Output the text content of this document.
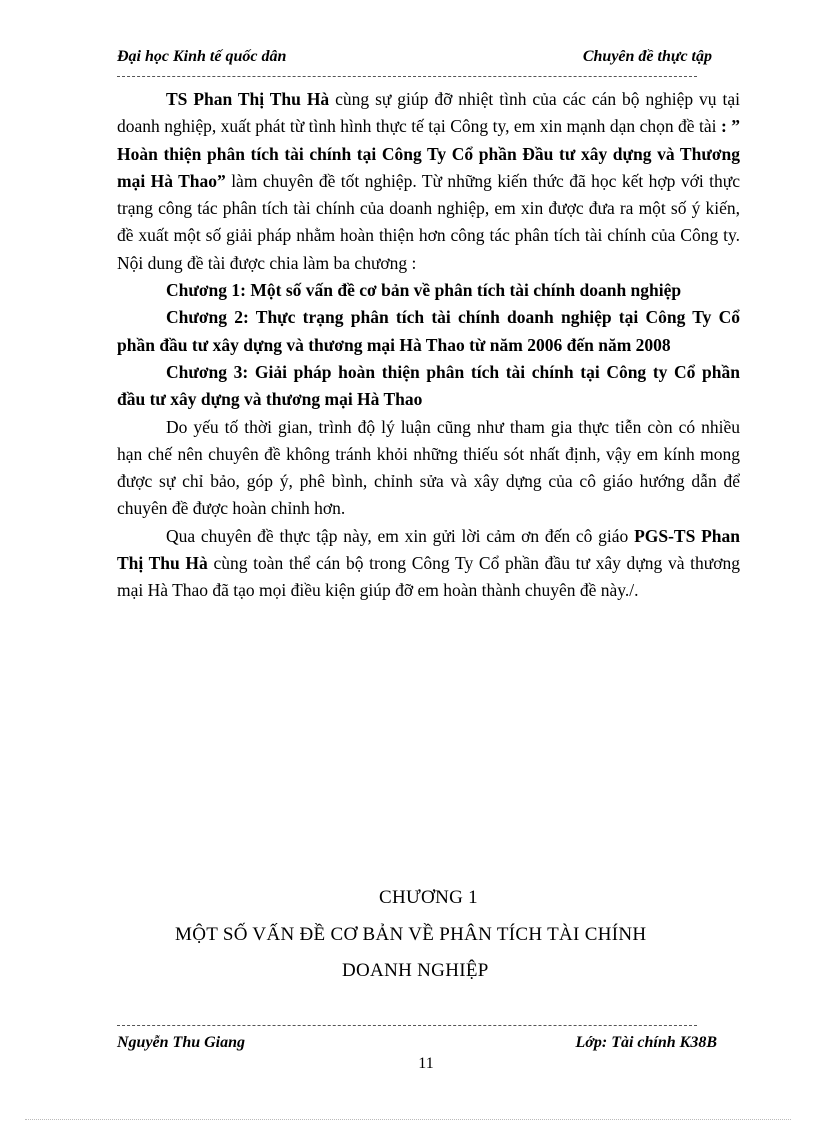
Đại học Kinh tế quốc dân	Chuyên đề thực tập

TS Phan Thị Thu Hà cùng sự giúp đỡ nhiệt tình của các cán bộ nghiệp vụ tại doanh nghiệp, xuất phát từ tình hình thực tế tại Công ty, em xin mạnh dạn chọn đề tài : ” Hoàn thiện phân tích tài chính tại Công Ty Cổ phần Đầu tư xây dựng và Thương mại Hà Thao” làm chuyên đề tốt nghiệp. Từ những kiến thức đã học kết hợp với thực trạng công tác phân tích tài chính của doanh nghiệp, em xin được đưa ra một số ý kiến, đề xuất một số giải pháp nhằm hoàn thiện hơn công tác phân tích tài chính của Công ty. Nội dung đề tài được chia làm ba chương :

Chương 1: Một số vấn đề cơ bản về phân tích tài chính doanh nghiệp

Chương 2: Thực trạng phân tích tài chính doanh nghiệp tại Công Ty Cổ phần đầu tư xây dựng và thương mại Hà Thao từ năm 2006 đến năm 2008

Chương 3: Giải pháp hoàn thiện phân tích tài chính tại Công ty Cổ phần đầu tư xây dựng và thương mại Hà Thao

Do yếu tố thời gian, trình độ lý luận cũng như tham gia thực tiễn còn có nhiều hạn chế nên chuyên đề không tránh khỏi những thiếu sót nhất định, vậy em kính mong được sự chỉ bảo, góp ý, phê bình, chỉnh sửa và xây dựng của cô giáo hướng dẫn để chuyên đề được hoàn chỉnh hơn.

Qua chuyên đề thực tập này, em xin gửi lời cảm ơn đến cô giáo PGS-TS Phan Thị Thu Hà cùng toàn thể cán bộ trong Công Ty Cổ phần đầu tư xây dựng và thương mại Hà Thao đã tạo mọi điều kiện giúp đỡ em hoàn thành chuyên đề này./.

CHƯƠNG 1
MỘT SỐ VẤN ĐỀ CƠ BẢN VỀ PHÂN TÍCH TÀI CHÍNH
DOANH NGHIỆP
Nguyễn Thu Giang	Lớp: Tài chính K38B
11
